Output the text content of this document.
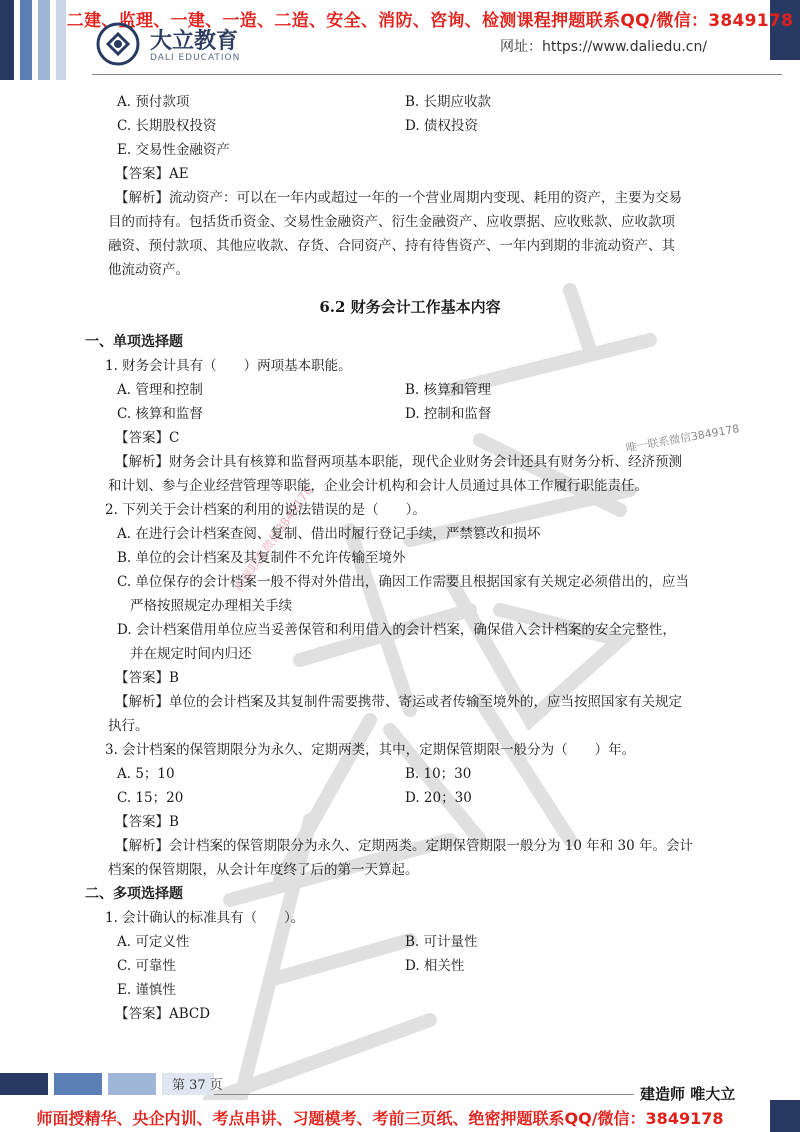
二建、监理、一建、一造、二造、安全、消防、咨询、检测课程押题联系QQ/微信：3849178
大立教育
DALI EDUCATION
网址：https://www.daliedu.cn/
唯一联系微信3849178
押题联系微信3849178
A. 预付款项	B. 长期应收款
C. 长期股权投资	D. 债权投资
E. 交易性金融资产
【答案】AE
【解析】流动资产：可以在一年内或超过一年的一个营业周期内变现、耗用的资产，主要为交易
目的而持有。包括货币资金、交易性金融资产、衍生金融资产、应收票据、应收账款、应收款项
融资、预付款项、其他应收款、存货、合同资产、持有待售资产、一年内到期的非流动资产、其
他流动资产。
6.2 财务会计工作基本内容
一、单项选择题
1. 财务会计具有（　　）两项基本职能。
A. 管理和控制	B. 核算和管理
C. 核算和监督	D. 控制和监督
【答案】C
【解析】财务会计具有核算和监督两项基本职能，现代企业财务会计还具有财务分析、经济预测
和计划、参与企业经营管理等职能，企业会计机构和会计人员通过具体工作履行职能责任。
2. 下列关于会计档案的利用的说法错误的是（　　）。
A. 在进行会计档案查阅、复制、借出时履行登记手续，严禁篡改和损坏
B. 单位的会计档案及其复制件不允许传输至境外
C. 单位保存的会计档案一般不得对外借出，确因工作需要且根据国家有关规定必须借出的，应当
严格按照规定办理相关手续
D. 会计档案借用单位应当妥善保管和利用借入的会计档案，确保借入会计档案的安全完整性，
并在规定时间内归还
【答案】B
【解析】单位的会计档案及其复制件需要携带、寄运或者传输至境外的，应当按照国家有关规定
执行。
3. 会计档案的保管期限分为永久、定期两类，其中，定期保管期限一般分为（　　）年。
A. 5；10	B. 10；30
C. 15；20	D. 20；30
【答案】B
【解析】会计档案的保管期限分为永久、定期两类。定期保管期限一般分为 10 年和 30 年。会计
档案的保管期限，从会计年度终了后的第一天算起。
二、多项选择题
1. 会计确认的标准具有（　　）。
A. 可定义性	B. 可计量性
C. 可靠性	D. 相关性
E. 谨慎性
【答案】ABCD
第 37 页	建造师 唯大立
师面授精华、央企内训、考点串讲、习题模考、考前三页纸、绝密押题联系QQ/微信：3849178
